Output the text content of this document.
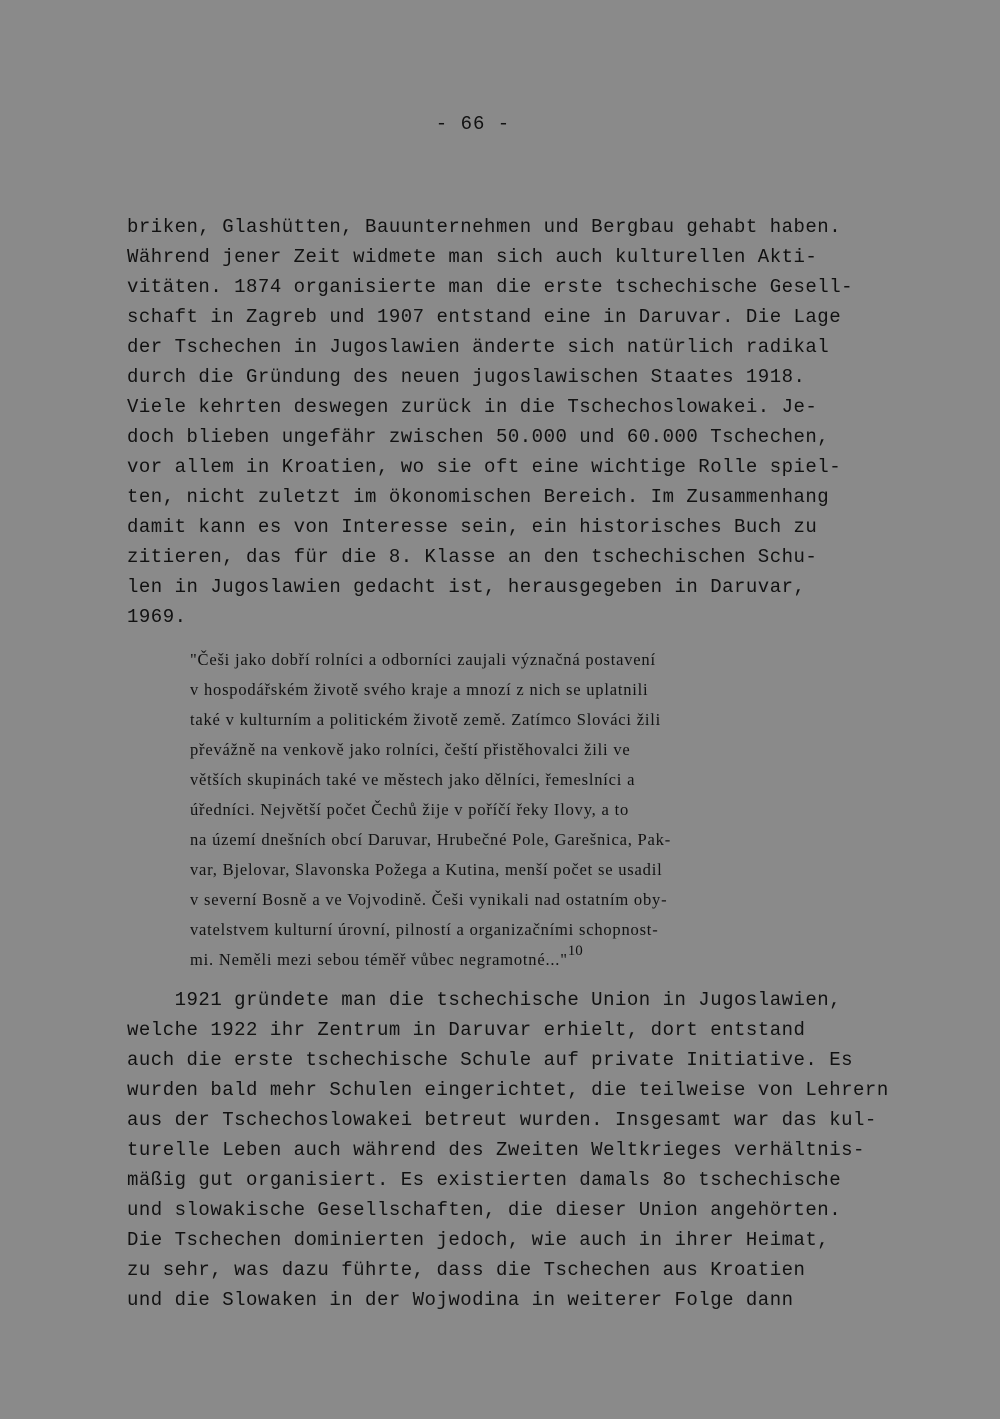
- 66 -
briken, Glashütten, Bauunternehmen und Bergbau gehabt haben.
Während jener Zeit widmete man sich auch kulturellen Akti-
vitäten. 1874 organisierte man die erste tschechische Gesell-
schaft in Zagreb und 1907 entstand eine in Daruvar. Die Lage
der Tschechen in Jugoslawien änderte sich natürlich radikal
durch die Gründung des neuen jugoslawischen Staates 1918.
Viele kehrten deswegen zurück in die Tschechoslowakei. Je-
doch blieben ungefähr zwischen 50.000 und 60.000 Tschechen,
vor allem in Kroatien, wo sie oft eine wichtige Rolle spiel-
ten, nicht zuletzt im ökonomischen Bereich. Im Zusammenhang
damit kann es von Interesse sein, ein historisches Buch zu
zitieren, das für die 8. Klasse an den tschechischen Schu-
len in Jugoslawien gedacht ist, herausgegeben in Daruvar,
1969.
"Češi jako dobří rolníci a odborníci zaujali význačná postavení
v hospodářském životě svého kraje a mnozí z nich se uplatnili
také v kulturním a politickém životě země. Zatímco Slováci žili
převážně na venkově jako rolníci, čeští přistěhovalci žili ve
větších skupinách také ve městech jako dělníci, řemeslníci a
úředníci. Největší počet Čechů žije v poříčí řeky Ilovy, a to
na území dnešních obcí Daruvar, Hrubečné Pole, Garešnica, Pak-
var, Bjelovar, Slavonska Požega a Kutina, menší počet se usadil
v severní Bosně a ve Vojvodině. Češi vynikali nad ostatním oby-
vatelstvem kulturní úrovní, pilností a organizačními schopnost-
mi. Neměli mezi sebou téměř vůbec negramotné..."10
1921 gründete man die tschechische Union in Jugoslawien,
welche 1922 ihr Zentrum in Daruvar erhielt, dort entstand
auch die erste tschechische Schule auf private Initiative. Es
wurden bald mehr Schulen eingerichtet, die teilweise von Lehrern
aus der Tschechoslowakei betreut wurden. Insgesamt war das kul-
turelle Leben auch während des Zweiten Weltkrieges verhältnis-
mäßig gut organisiert. Es existierten damals 8o tschechische
und slowakische Gesellschaften, die dieser Union angehörten.
Die Tschechen dominierten jedoch, wie auch in ihrer Heimat,
zu sehr, was dazu führte, dass die Tschechen aus Kroatien
und die Slowaken in der Wojwodina in weiterer Folge dann
